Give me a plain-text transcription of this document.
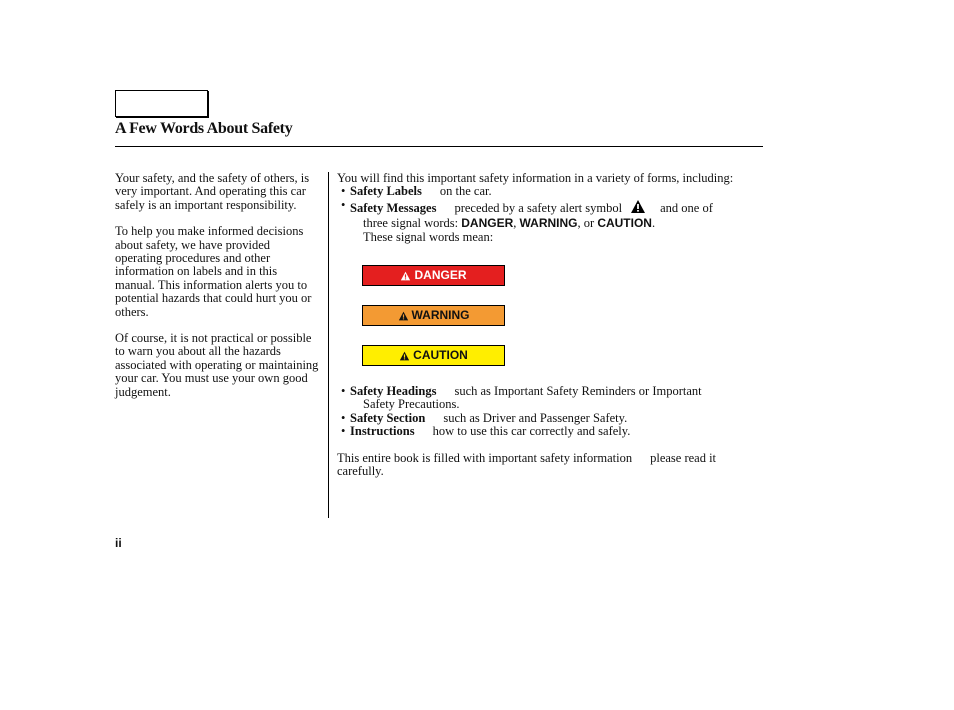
A Few Words About Safety

Your safety, and the safety of others, is very important. And operating this car safely is an important responsibility.

To help you make informed decisions about safety, we have provided operating procedures and other information on labels and in this manual. This information alerts you to potential hazards that could hurt you or others.

Of course, it is not practical or possible to warn you about all the hazards associated with operating or maintaining your car. You must use your own good judgement.

You will find this important safety information in a variety of forms, including:

• Safety Labels on the car.
• Safety Messages preceded by a safety alert symbol	and one of
three signal words: DANGER, WARNING, or CAUTION.
These signal words mean:
DANGER
WARNING
CAUTION
• Safety Headings such as Important Safety Reminders or Important
Safety Precautions.
• Safety Section such as Driver and Passenger Safety.
• Instructions how to use this car correctly and safely.

This entire book is filled with important safety information please read it carefully.

ii
